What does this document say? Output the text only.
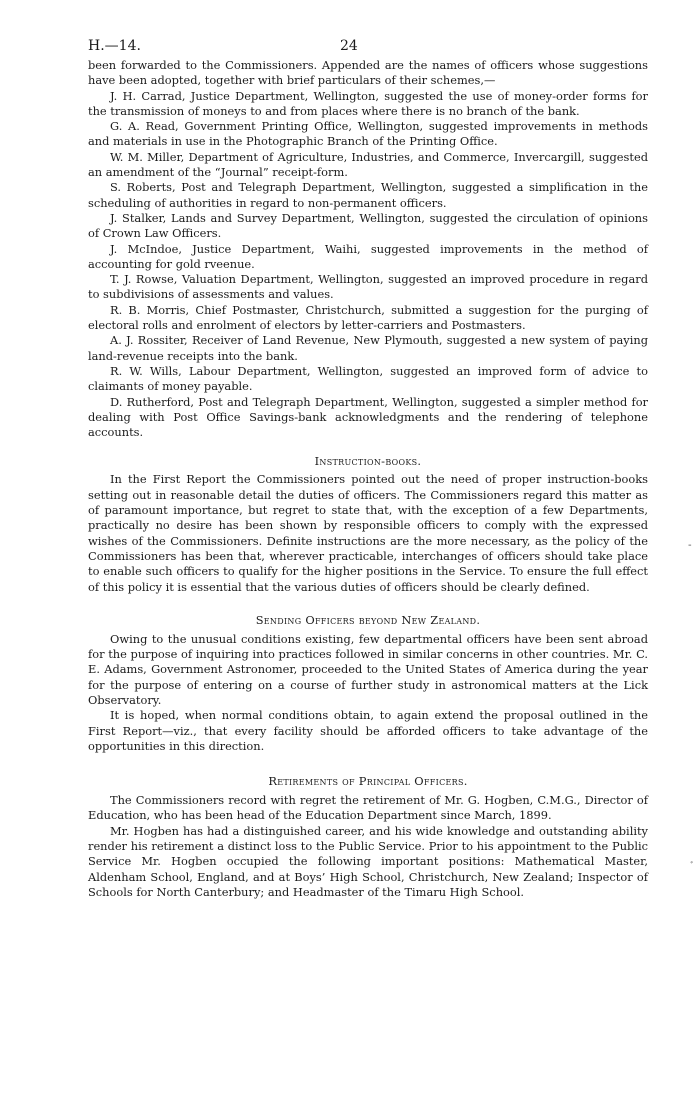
H.—14.	24

been forwarded to the Commissioners. Appended are the names of officers whose suggestions have been adopted, together with brief particulars of their schemes,—

J. H. Carrad, Justice Department, Wellington, suggested the use of money-order forms for the transmission of moneys to and from places where there is no branch of the bank.

G. A. Read, Government Printing Office, Wellington, suggested improvements in methods and materials in use in the Photographic Branch of the Printing Office.

W. M. Miller, Department of Agriculture, Industries, and Commerce, Invercargill, suggested an amendment of the “Journal” receipt-form.

S. Roberts, Post and Telegraph Department, Wellington, suggested a simplification in the scheduling of authorities in regard to non-permanent officers.

J. Stalker, Lands and Survey Department, Wellington, suggested the circulation of opinions of Crown Law Officers.

J. McIndoe, Justice Department, Waihi, suggested improvements in the method of accounting for gold rveenue.

T. J. Rowse, Valuation Department, Wellington, suggested an improved procedure in regard to subdivisions of assessments and values.

R. B. Morris, Chief Postmaster, Christchurch, submitted a suggestion for the purging of electoral rolls and enrolment of electors by letter-carriers and Postmasters.

A. J. Rossiter, Receiver of Land Revenue, New Plymouth, suggested a new system of paying land-revenue receipts into the bank.

R. W. Wills, Labour Department, Wellington, suggested an improved form of advice to claimants of money payable.

D. Rutherford, Post and Telegraph Department, Wellington, suggested a simpler method for dealing with Post Office Savings-bank acknowledgments and the rendering of telephone accounts.

Instruction-books.

In the First Report the Commissioners pointed out the need of proper instruction-books setting out in reasonable detail the duties of officers. The Commissioners regard this matter as of paramount importance, but regret to state that, with the exception of a few Departments, practically no desire has been shown by responsible officers to comply with the expressed wishes of the Commissioners. Definite instructions are the more necessary, as the policy of the Commissioners has been that, wherever practicable, interchanges of officers should take place to enable such officers to qualify for the higher positions in the Service. To ensure the full effect of this policy it is essential that the various duties of officers should be clearly defined.

Sending Officers beyond New Zealand.

Owing to the unusual conditions existing, few departmental officers have been sent abroad for the purpose of inquiring into practices followed in similar concerns in other countries. Mr. C. E. Adams, Government Astronomer, proceeded to the United States of America during the year for the purpose of entering on a course of further study in astronomical matters at the Lick Observatory.

It is hoped, when normal conditions obtain, to again extend the proposal outlined in the First Report—viz., that every facility should be afforded officers to take advantage of the opportunities in this direction.

Retirements of Principal Officers.

The Commissioners record with regret the retirement of Mr. G. Hogben, C.M.G., Director of Education, who has been head of the Education Department since March, 1899.

Mr. Hogben has had a distinguished career, and his wide knowledge and outstanding ability render his retirement a distinct loss to the Public Service. Prior to his appointment to the Public Service Mr. Hogben occupied the following important positions: Mathematical Master, Aldenham School, England, and at Boys’ High School, Christchurch, New Zealand; Inspector of Schools for North Canterbury; and Headmaster of the Timaru High School.

-
ﾞ
